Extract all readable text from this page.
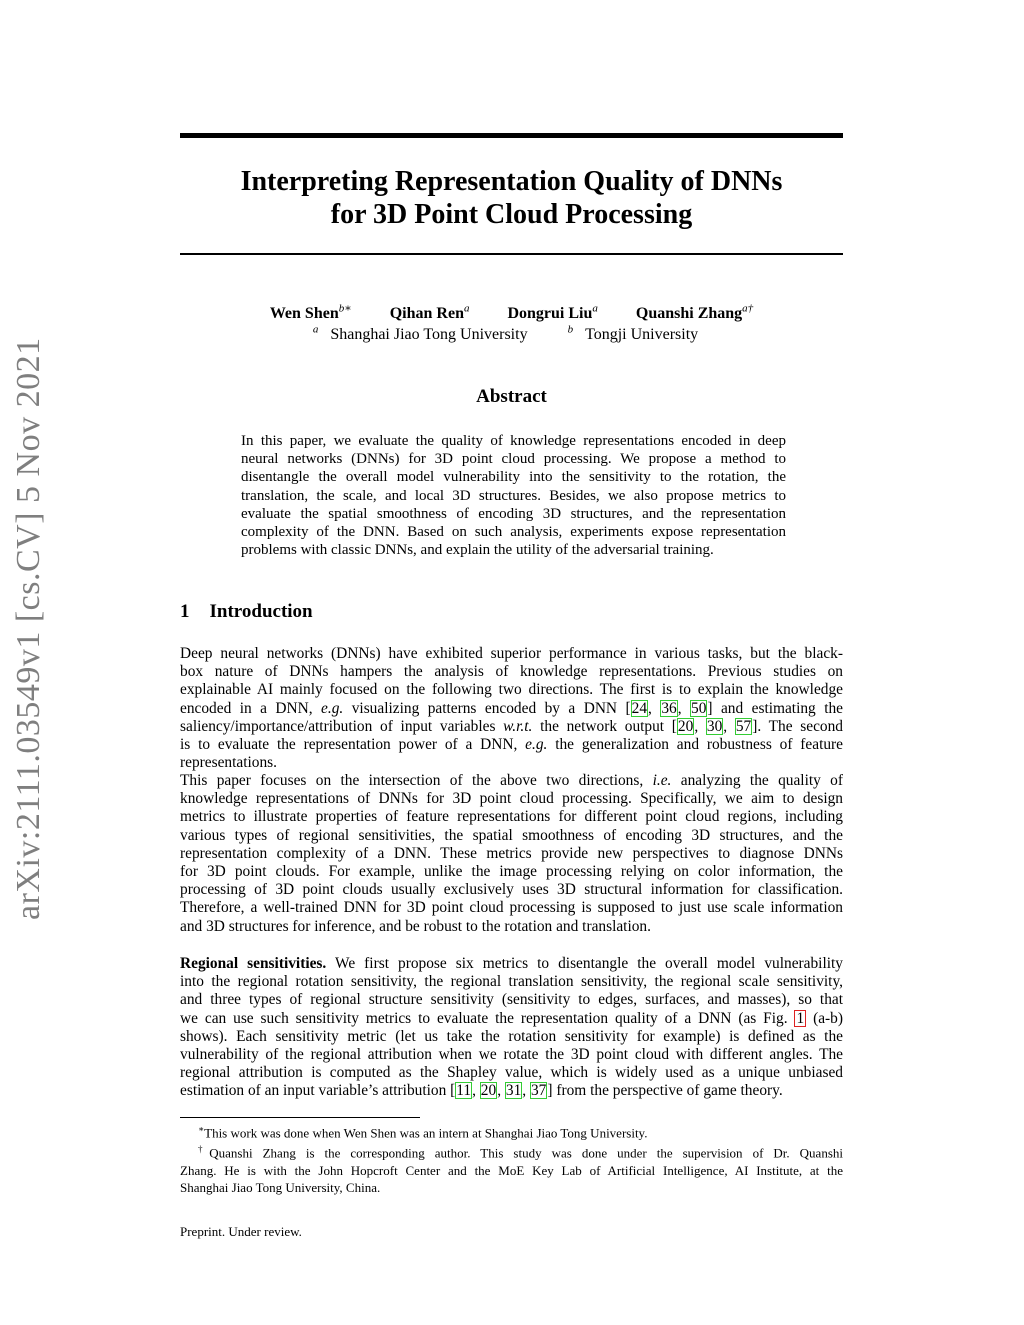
arXiv:2111.03549v1 [cs.CV] 5 Nov 2021
Interpreting Representation Quality of DNNs
for 3D Point Cloud Processing
Wen Shen$^{b∗}$ Qihan Ren$^a$ Dongrui Liu$^a$ Quanshi Zhang$^{a\dagger}$
$^a$ Shanghai Jiao Tong University	$^b$ Tongji University
Abstract
In this paper, we evaluate the quality of knowledge representations encoded in deep
neural networks (DNNs) for 3D point cloud processing. We propose a method to
disentangle the overall model vulnerability into the sensitivity to the rotation, the
translation, the scale, and local 3D structures. Besides, we also propose metrics to
evaluate the spatial smoothness of encoding 3D structures, and the representation
complexity of the DNN. Based on such analysis, experiments expose representation
problems with classic DNNs, and explain the utility of the adversarial training.
1 Introduction
Deep neural networks (DNNs) have exhibited superior performance in various tasks, but the black-
box nature of DNNs hampers the analysis of knowledge representations. Previous studies on
explainable AI mainly focused on the following two directions. The first is to explain the knowledge
encoded in a DNN, e.g. visualizing patterns encoded by a DNN [24, 36, 50] and estimating the
saliency/importance/attribution of input variables w.r.t. the network output [20, 30, 57]. The second
is to evaluate the representation power of a DNN, e.g. the generalization and robustness of feature
representations.
This paper focuses on the intersection of the above two directions, i.e. analyzing the quality of
knowledge representations of DNNs for 3D point cloud processing. Specifically, we aim to design
metrics to illustrate properties of feature representations for different point cloud regions, including
various types of regional sensitivities, the spatial smoothness of encoding 3D structures, and the
representation complexity of a DNN. These metrics provide new perspectives to diagnose DNNs
for 3D point clouds. For example, unlike the image processing relying on color information, the
processing of 3D point clouds usually exclusively uses 3D structural information for classification.
Therefore, a well-trained DNN for 3D point cloud processing is supposed to just use scale information
and 3D structures for inference, and be robust to the rotation and translation.
Regional sensitivities. We first propose six metrics to disentangle the overall model vulnerability
into the regional rotation sensitivity, the regional translation sensitivity, the regional scale sensitivity,
and three types of regional structure sensitivity (sensitivity to edges, surfaces, and masses), so that
we can use such sensitivity metrics to evaluate the representation quality of a DNN (as Fig. 1 (a-b)
shows). Each sensitivity metric (let us take the rotation sensitivity for example) is defined as the
vulnerability of the regional attribution when we rotate the 3D point cloud with different angles. The
regional attribution is computed as the Shapley value, which is widely used as a unique unbiased
estimation of an input variable’s attribution [11, 20, 31, 37] from the perspective of game theory.
∗This work was done when Wen Shen was an intern at Shanghai Jiao Tong University.
†Quanshi Zhang is the corresponding author. This study was done under the supervision of Dr. Quanshi
Zhang. He is with the John Hopcroft Center and the MoE Key Lab of Artificial Intelligence, AI Institute, at the
Shanghai Jiao Tong University, China.
Preprint. Under review.
